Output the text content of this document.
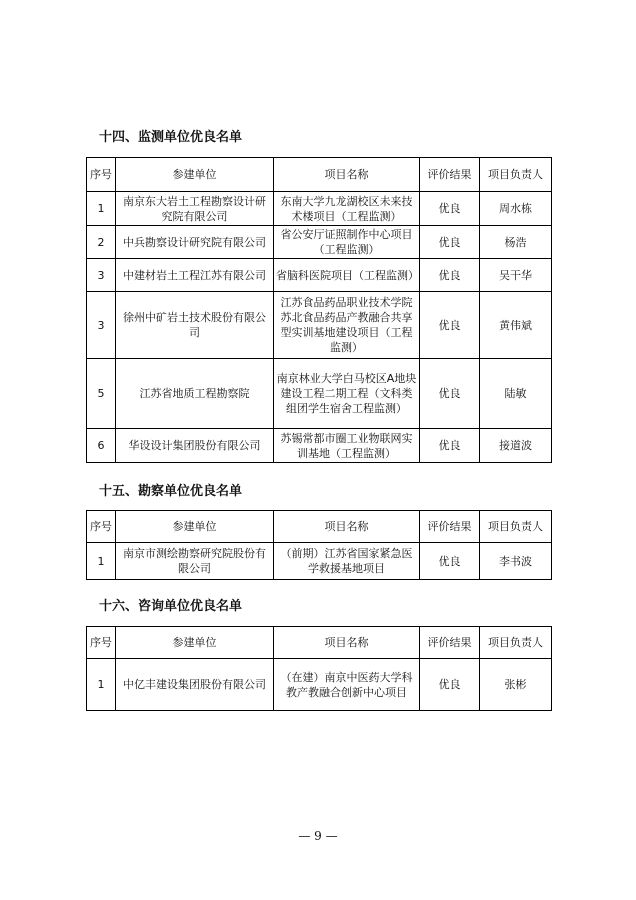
十四、监测单位优良名单
序号	参建单位	项目名称	评价结果	项目负责人
1	南京东大岩土工程勘察设计研究院有限公司	东南大学九龙湖校区未来技术楼项目（工程监测）	优良	周水栋
2	中兵勘察设计研究院有限公司	省公安厅证照制作中心项目（工程监测）	优良	杨浩
3	中建材岩土工程江苏有限公司	省脑科医院项目（工程监测）	优良	吴干华
3	徐州中矿岩土技术股份有限公司	江苏食品药品职业技术学院苏北食品药品产教融合共享型实训基地建设项目（工程监测）	优良	黄伟斌
5	江苏省地质工程勘察院	南京林业大学白马校区A地块建设工程二期工程（文科类组团学生宿舍工程监测）	优良	陆敏
6	华设设计集团股份有限公司	苏锡常都市圈工业物联网实训基地（工程监测）	优良	接道波
十五、勘察单位优良名单
序号	参建单位	项目名称	评价结果	项目负责人
1	南京市测绘勘察研究院股份有限公司	（前期）江苏省国家紧急医学救援基地项目	优良	李书波
十六、咨询单位优良名单
序号	参建单位	项目名称	评价结果	项目负责人
1	中亿丰建设集团股份有限公司	（在建）南京中医药大学科教产教融合创新中心项目	优良	张彬
— 9 —
